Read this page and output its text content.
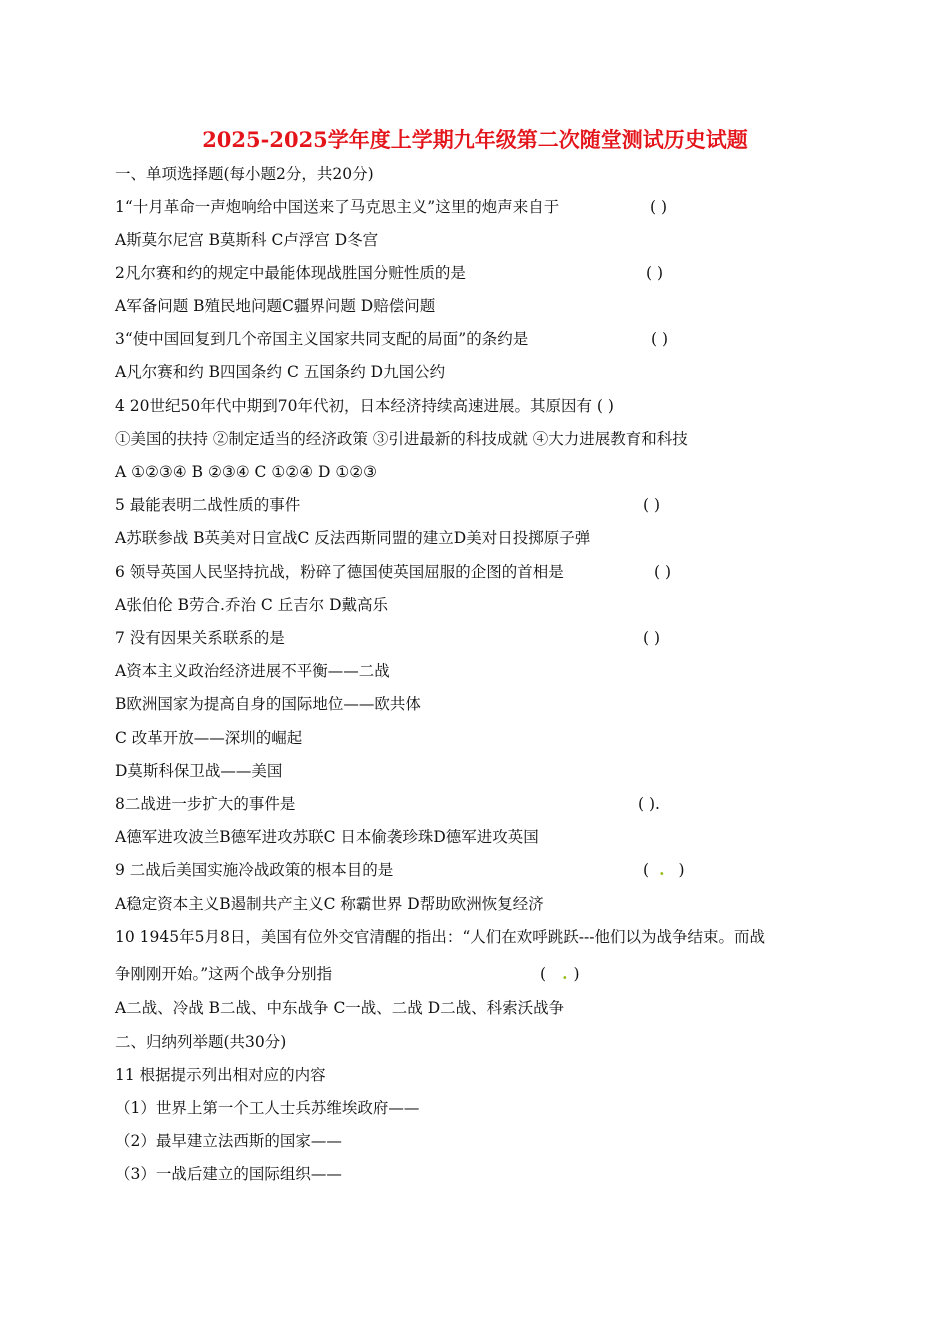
2025-2025学年度上学期九年级第二次随堂测试历史试题
一、单项选择题(每小题2分，共20分)
1“十月革命一声炮响给中国送来了马克思主义”这里的炮声来自于	( )
A斯莫尔尼宫 B莫斯科 C卢浮宫 D冬宫
2凡尔赛和约的规定中最能体现战胜国分赃性质的是	( )
A军备问题 B殖民地问题C疆界问题 D赔偿问题
3“使中国回复到几个帝国主义国家共同支配的局面”的条约是	( )
A凡尔赛和约 B四国条约 C 五国条约 D九国公约
4 20世纪50年代中期到70年代初，日本经济持续高速进展。其原因有 ( )
①美国的扶持 ②制定适当的经济政策 ③引进最新的科技成就 ④大力进展教育和科技
A ①②③④ B ②③④ C ①②④ D ①②③
5 最能表明二战性质的事件	( )
A苏联参战 B英美对日宣战C 反法西斯同盟的建立D美对日投掷原子弹
6 领导英国人民坚持抗战，粉碎了德国使英国屈服的企图的首相是	( )
A张伯伦 B劳合.乔治 C 丘吉尔 D戴高乐
7 没有因果关系联系的是	( )
A资本主义政治经济进展不平衡——二战
B欧洲国家为提高自身的国际地位——欧共体
C 改革开放——深圳的崛起
D莫斯科保卫战——美国
8二战进一步扩大的事件是	( ).
A德军进攻波兰B德军进攻苏联C 日本偷袭珍珠D德军进攻英国
9 二战后美国实施冷战政策的根本目的是	( . )
A稳定资本主义B遏制共产主义C 称霸世界 D帮助欧洲恢复经济
10 1945年5月8日，美国有位外交官清醒的指出：“人们在欢呼跳跃---他们以为战争结束。而战
争刚刚开始。”这两个战争分别指	( . )
A二战、冷战 B二战、中东战争 C一战、二战 D二战、科索沃战争
二、归纳列举题(共30分)
11 根据提示列出相对应的内容
（1）世界上第一个工人士兵苏维埃政府——
（2）最早建立法西斯的国家——
（3）一战后建立的国际组织——
